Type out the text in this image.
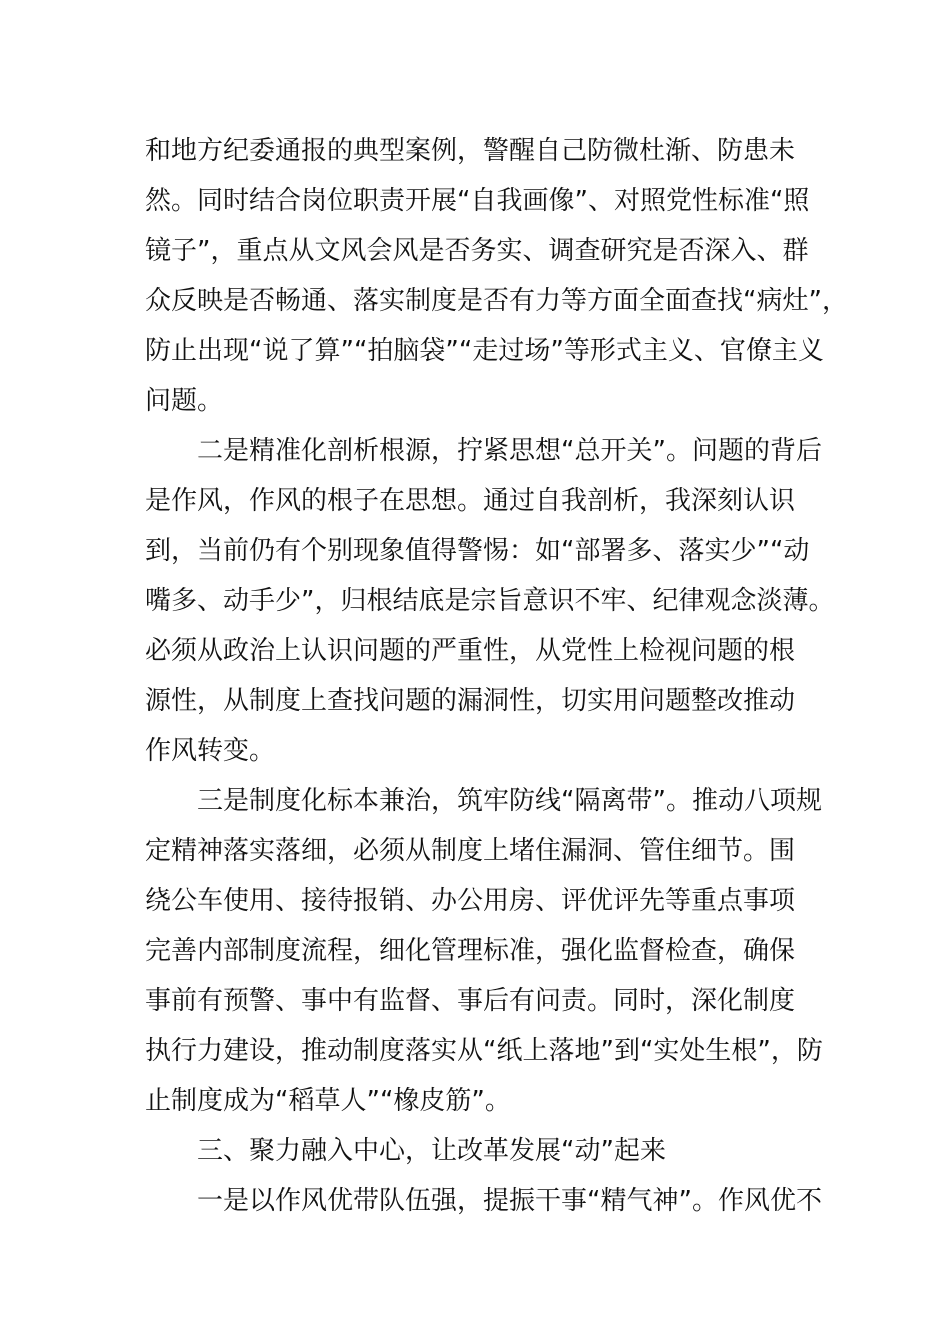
和地方纪委通报的典型案例，警醒自己防微杜渐、防患未
然。同时结合岗位职责开展“自我画像”、对照党性标准“照
镜子”，重点从文风会风是否务实、调查研究是否深入、群
众反映是否畅通、落实制度是否有力等方面全面查找“病灶”，
防止出现“说了算”“拍脑袋”“走过场”等形式主义、官僚主义
问题。
二是精准化剖析根源，拧紧思想“总开关”。问题的背后
是作风，作风的根子在思想。通过自我剖析，我深刻认识
到，当前仍有个别现象值得警惕：如“部署多、落实少”“动
嘴多、动手少”，归根结底是宗旨意识不牢、纪律观念淡薄。
必须从政治上认识问题的严重性，从党性上检视问题的根
源性，从制度上查找问题的漏洞性，切实用问题整改推动
作风转变。
三是制度化标本兼治，筑牢防线“隔离带”。推动八项规
定精神落实落细，必须从制度上堵住漏洞、管住细节。围
绕公车使用、接待报销、办公用房、评优评先等重点事项
完善内部制度流程，细化管理标准，强化监督检查，确保
事前有预警、事中有监督、事后有问责。同时，深化制度
执行力建设，推动制度落实从“纸上落地”到“实处生根”，防
止制度成为“稻草人”“橡皮筋”。
三、聚力融入中心，让改革发展“动”起来
一是以作风优带队伍强，提振干事“精气神”。作风优不
